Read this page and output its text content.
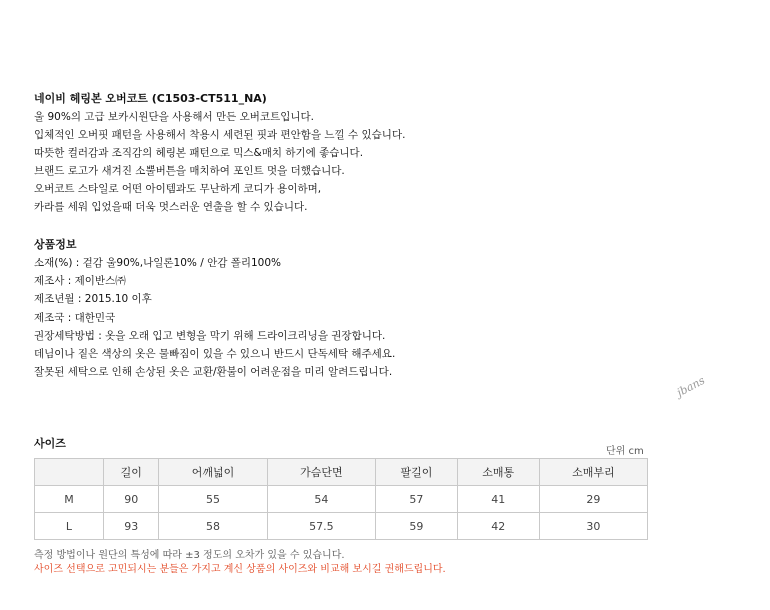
네이비 헤링본 오버코트 (C1503-CT511_NA)
울 90%의 고급 보카시원단을 사용해서 만든 오버코트입니다.
입체적인 오버핏 패턴을 사용해서 착용시 세련된 핏과 편안함을 느낄 수 있습니다.
따뜻한 컬러감과 조직감의 헤링본 패턴으로 믹스&매치 하기에 좋습니다.
브랜드 로고가 새겨진 소뿔버튼을 매치하여 포인트 멋을 더했습니다.
오버코트 스타일로 어떤 아이템과도 무난하게 코디가 용이하며,
카라를 세워 입었을때 더욱 멋스러운 연출을 할 수 있습니다.
상품정보
소재(%) : 겉감 울90%,나일론10% / 안감 폴리100%
제조사 : 제이반스㈜
제조년월 : 2015.10 이후
제조국 : 대한민국
권장세탁방법 : 옷을 오래 입고 변형을 막기 위해 드라이크리닝을 권장합니다.
데님이나 짙은 색상의 옷은 물빠짐이 있을 수 있으니 반드시 단독세탁 해주세요.
잘못된 세탁으로 인해 손상된 옷은 교환/환불이 어려운점을 미리 알려드립니다.
jbans
사이즈
단위 cm
	길이	어깨넓이	가슴단면	팔길이	소매통	소매부리
M	90	55	54	57	41	29
L	93	58	57.5	59	42	30
측정 방법이나 원단의 특성에 따라 ±3 정도의 오차가 있을 수 있습니다.
사이즈 선택으로 고민되시는 분들은 가지고 계신 상품의 사이즈와 비교해 보시길 권해드립니다.
